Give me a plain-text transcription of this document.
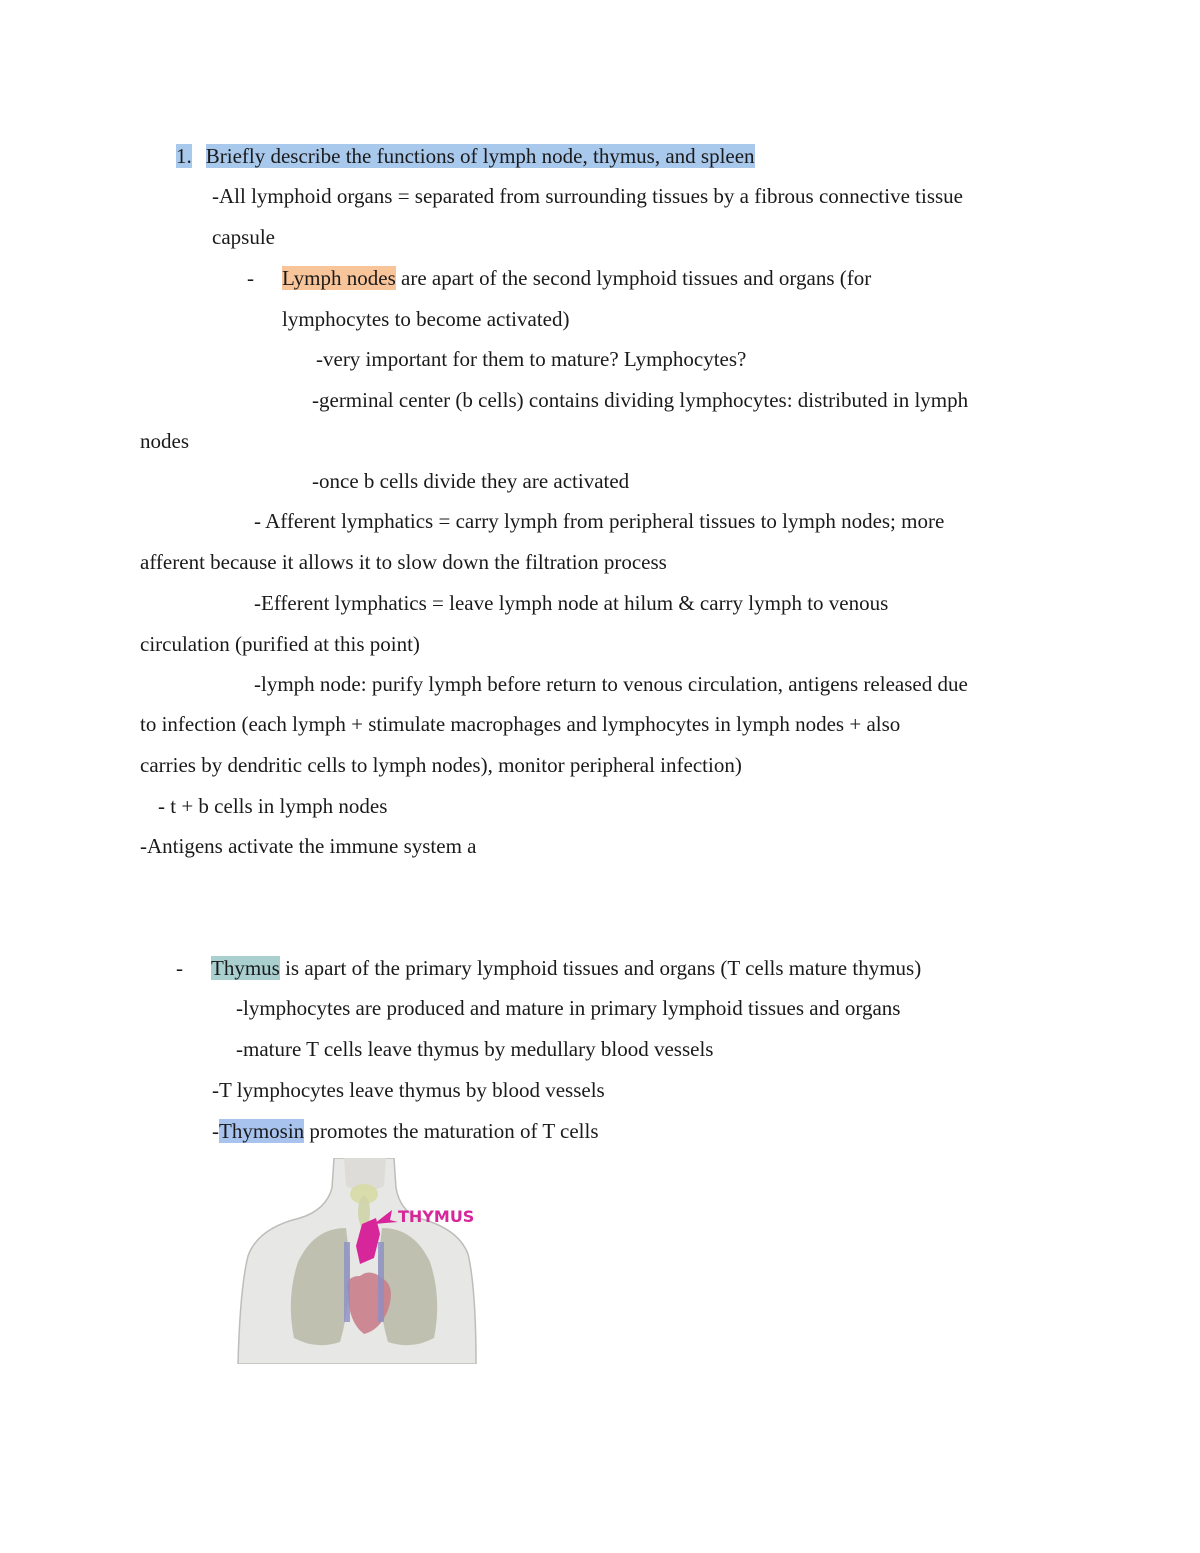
1. Briefly describe the functions of lymph node, thymus, and spleen
-All lymphoid organs = separated from surrounding tissues by a fibrous connective tissue
capsule
- Lymph nodes are apart of the second lymphoid tissues and organs (for
lymphocytes to become activated)
-very important for them to mature? Lymphocytes?
-germinal center (b cells) contains dividing lymphocytes: distributed in lymph
nodes
-once b cells divide they are activated
- Afferent lymphatics = carry lymph from peripheral tissues to lymph nodes; more
afferent because it allows it to slow down the filtration process
-Efferent lymphatics = leave lymph node at hilum & carry lymph to venous
circulation (purified at this point)
-lymph node: purify lymph before return to venous circulation, antigens released due
to infection (each lymph + stimulate macrophages and lymphocytes in lymph nodes + also
carries by dendritic cells to lymph nodes), monitor peripheral infection)
- t + b cells in lymph nodes
-Antigens activate the immune system a
- Thymus is apart of the primary lymphoid tissues and organs (T cells mature thymus)
-lymphocytes are produced and mature in primary lymphoid tissues and organs
-mature T cells leave thymus by medullary blood vessels
-T lymphocytes leave thymus by blood vessels
-Thymosin promotes the maturation of T cells
THYMUS
